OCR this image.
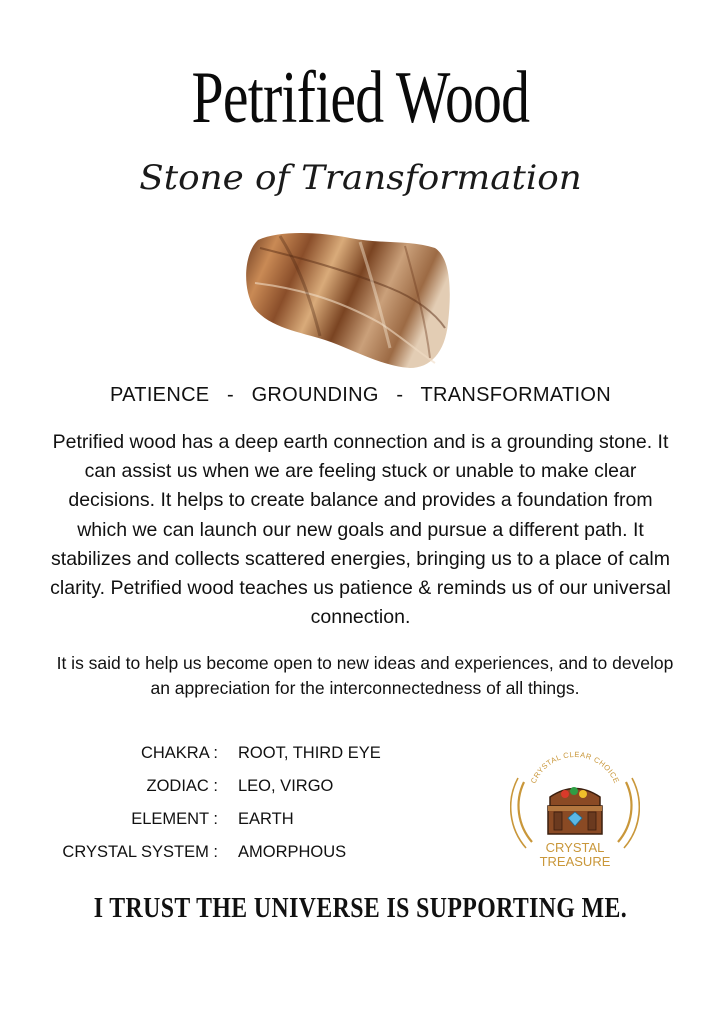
Petrified Wood
Stone of Transformation
PATIENCE - GROUNDING - TRANSFORMATION
Petrified wood has a deep earth connection and is a grounding stone. It can assist us when we are feeling stuck or unable to make clear decisions. It helps to create balance and provides a foundation from which we can launch our new goals and pursue a different path. It stabilizes and collects scattered energies, bringing us to a place of calm clarity. Petrified wood teaches us patience & reminds us of our universal connection.
It is said to help us become open to new ideas and experiences, and to develop an appreciation for the interconnectedness of all things.
CHAKRA : ROOT, THIRD EYE
ZODIAC : LEO, VIRGO
ELEMENT : EARTH
CRYSTAL SYSTEM : AMORPHOUS
CRYSTAL CLEAR CHOICE
CRYSTAL
TREASURE
I TRUST THE UNIVERSE IS SUPPORTING ME.
